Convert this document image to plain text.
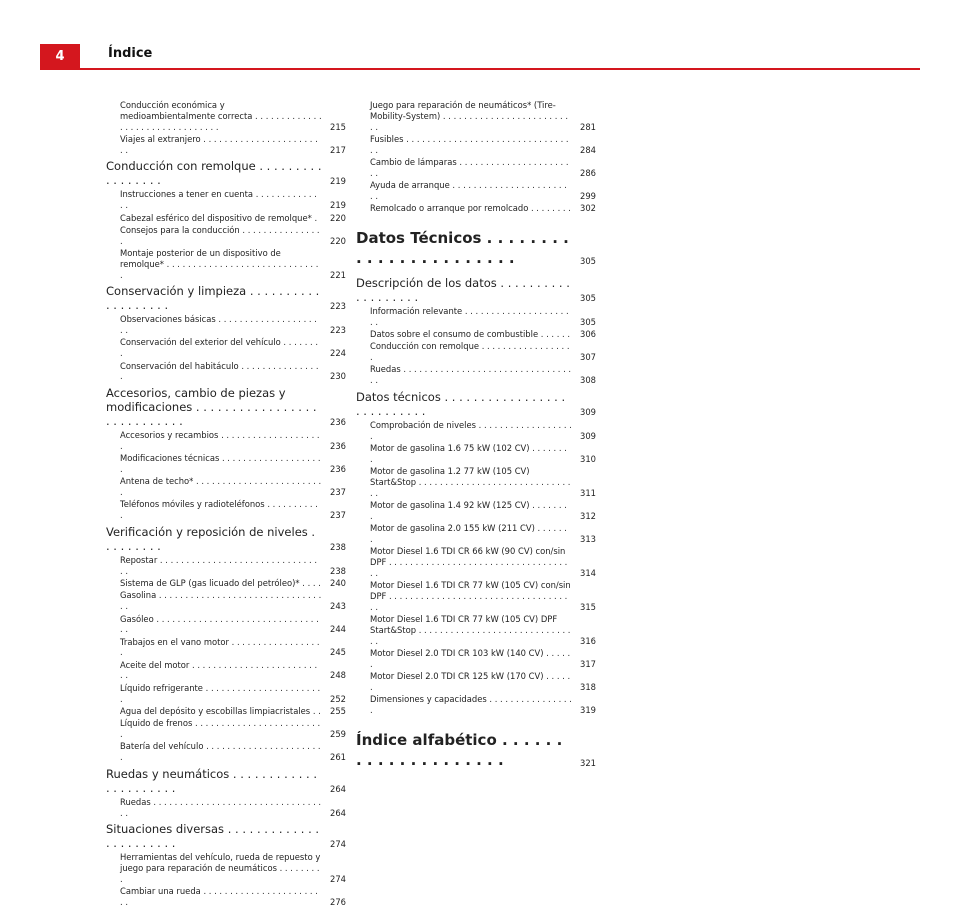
4	Índice
Conducción económica y medioambientalmente correcta . . . . . . . . . . . . . . . . . . . . . . . . . . . . . . . .	215
Viajes al extranjero . . . . . . . . . . . . . . . . . . . . . . . .	217
Conducción con remolque . . . . . . . . . . . . . . . . .	219
Instrucciones a tener en cuenta . . . . . . . . . . . . . .	219
Cabezal esférico del dispositivo de remolque* .	220
Consejos para la conducción . . . . . . . . . . . . . . . .	220
Montaje posterior de un dispositivo de remolque* . . . . . . . . . . . . . . . . . . . . . . . . . . . . . .	221
Conservación y limpieza . . . . . . . . . . . . . . . . . . .	223
Observaciones básicas . . . . . . . . . . . . . . . . . . . . .	223
Conservación del exterior del vehículo . . . . . . . .	224
Conservación del habitáculo . . . . . . . . . . . . . . . .	230
Accesorios, cambio de piezas y modificaciones . . . . . . . . . . . . . . . . . . . . . . . . . . . .	236
Accesorios y recambios . . . . . . . . . . . . . . . . . . . .	236
Modificaciones técnicas . . . . . . . . . . . . . . . . . . . .	236
Antena de techo* . . . . . . . . . . . . . . . . . . . . . . . . .	237
Teléfonos móviles y radioteléfonos . . . . . . . . . . .	237
Verificación y reposición de niveles . . . . . . . . .	238
Repostar . . . . . . . . . . . . . . . . . . . . . . . . . . . . . . . .	238
Sistema de GLP (gas licuado del petróleo)* . . . .	240
Gasolina . . . . . . . . . . . . . . . . . . . . . . . . . . . . . . . . .	243
Gasóleo . . . . . . . . . . . . . . . . . . . . . . . . . . . . . . . . .	244
Trabajos en el vano motor . . . . . . . . . . . . . . . . . .	245
Aceite del motor . . . . . . . . . . . . . . . . . . . . . . . . . .	248
Líquido refrigerante . . . . . . . . . . . . . . . . . . . . . . .	252
Agua del depósito y escobillas limpiacristales . .	255
Líquido de frenos . . . . . . . . . . . . . . . . . . . . . . . . .	259
Batería del vehículo . . . . . . . . . . . . . . . . . . . . . . .	261
Ruedas y neumáticos . . . . . . . . . . . . . . . . . . . . . .	264
Ruedas . . . . . . . . . . . . . . . . . . . . . . . . . . . . . . . . . .	264
Situaciones diversas . . . . . . . . . . . . . . . . . . . . . . .	274
Herramientas del vehículo, rueda de repuesto y juego para reparación de neumáticos . . . . . . . . .	274
Cambiar una rueda . . . . . . . . . . . . . . . . . . . . . . . .	276
Juego para reparación de neumáticos* (Tire-Mobility-System) . . . . . . . . . . . . . . . . . . . . . . . . . .	281
Fusibles . . . . . . . . . . . . . . . . . . . . . . . . . . . . . . . . .	284
Cambio de lámparas . . . . . . . . . . . . . . . . . . . . . . .	286
Ayuda de arranque . . . . . . . . . . . . . . . . . . . . . . . .	299
Remolcado o arranque por remolcado . . . . . . . .	302
Datos Técnicos . . . . . . . . . . . . . . . . . . . . . . .	305
Descripción de los datos . . . . . . . . . . . . . . . . . . .	305
Información relevante . . . . . . . . . . . . . . . . . . . . . .	305
Datos sobre el consumo de combustible . . . . . .	306
Conducción con remolque . . . . . . . . . . . . . . . . . .	307
Ruedas . . . . . . . . . . . . . . . . . . . . . . . . . . . . . . . . . .	308
Datos técnicos . . . . . . . . . . . . . . . . . . . . . . . . . . .	309
Comprobación de niveles . . . . . . . . . . . . . . . . . . .	309
Motor de gasolina 1.6 75 kW (102 CV) . . . . . . . .	310
Motor de gasolina 1.2 77 kW (105 CV) Start&Stop . . . . . . . . . . . . . . . . . . . . . . . . . . . . . . .	311
Motor de gasolina 1.4 92 kW (125 CV) . . . . . . . .	312
Motor de gasolina 2.0 155 kW (211 CV) . . . . . . .	313
Motor Diesel 1.6 TDI CR 66 kW (90 CV) con/sin DPF . . . . . . . . . . . . . . . . . . . . . . . . . . . . . . . . . . . .	314
Motor Diesel 1.6 TDI CR 77 kW (105 CV) con/sin DPF . . . . . . . . . . . . . . . . . . . . . . . . . . . . . . . . . . . .	315
Motor Diesel 1.6 TDI CR 77 kW (105 CV) DPF Start&Stop . . . . . . . . . . . . . . . . . . . . . . . . . . . . . . .	316
Motor Diesel 2.0 TDI CR 103 kW (140 CV) . . . . . .	317
Motor Diesel 2.0 TDI CR 125 kW (170 CV) . . . . . .	318
Dimensiones y capacidades . . . . . . . . . . . . . . . . .	319
Índice alfabético . . . . . . . . . . . . . . . . . . . .	321
